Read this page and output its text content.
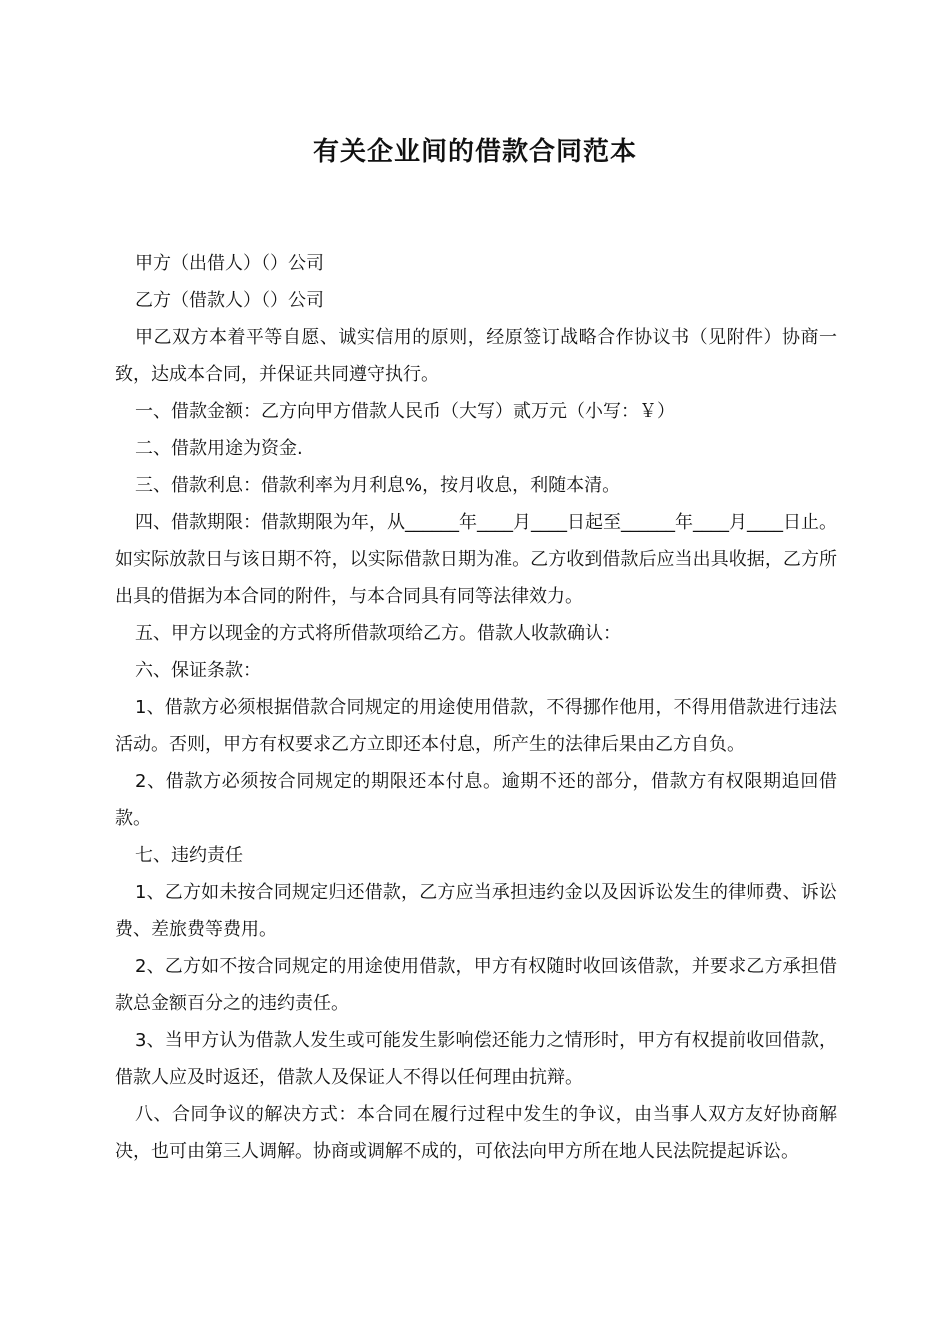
有关企业间的借款合同范本

甲方（出借人）（）公司

乙方（借款人）（）公司

甲乙双方本着平等自愿、诚实信用的原则，经原签订战略合作协议书（见附件）协商一致，达成本合同，并保证共同遵守执行。

一、借款金额：乙方向甲方借款人民币（大写）贰万元（小写：￥）

二、借款用途为资金.

三、借款利息：借款利率为月利息%，按月收息，利随本清。

四、借款期限：借款期限为年，从______年____月____日起至______年____月____日止。如实际放款日与该日期不符，以实际借款日期为准。乙方收到借款后应当出具收据，乙方所出具的借据为本合同的附件，与本合同具有同等法律效力。

五、甲方以现金的方式将所借款项给乙方。借款人收款确认：

六、保证条款：

1、借款方必须根据借款合同规定的用途使用借款，不得挪作他用，不得用借款进行违法活动。否则，甲方有权要求乙方立即还本付息，所产生的法律后果由乙方自负。

2、借款方必须按合同规定的期限还本付息。逾期不还的部分，借款方有权限期追回借款。

七、违约责任

1、乙方如未按合同规定归还借款，乙方应当承担违约金以及因诉讼发生的律师费、诉讼费、差旅费等费用。

2、乙方如不按合同规定的用途使用借款，甲方有权随时收回该借款，并要求乙方承担借款总金额百分之的违约责任。

3、当甲方认为借款人发生或可能发生影响偿还能力之情形时，甲方有权提前收回借款，借款人应及时返还，借款人及保证人不得以任何理由抗辩。

八、合同争议的解决方式：本合同在履行过程中发生的争议，由当事人双方友好协商解决，也可由第三人调解。协商或调解不成的，可依法向甲方所在地人民法院提起诉讼。
